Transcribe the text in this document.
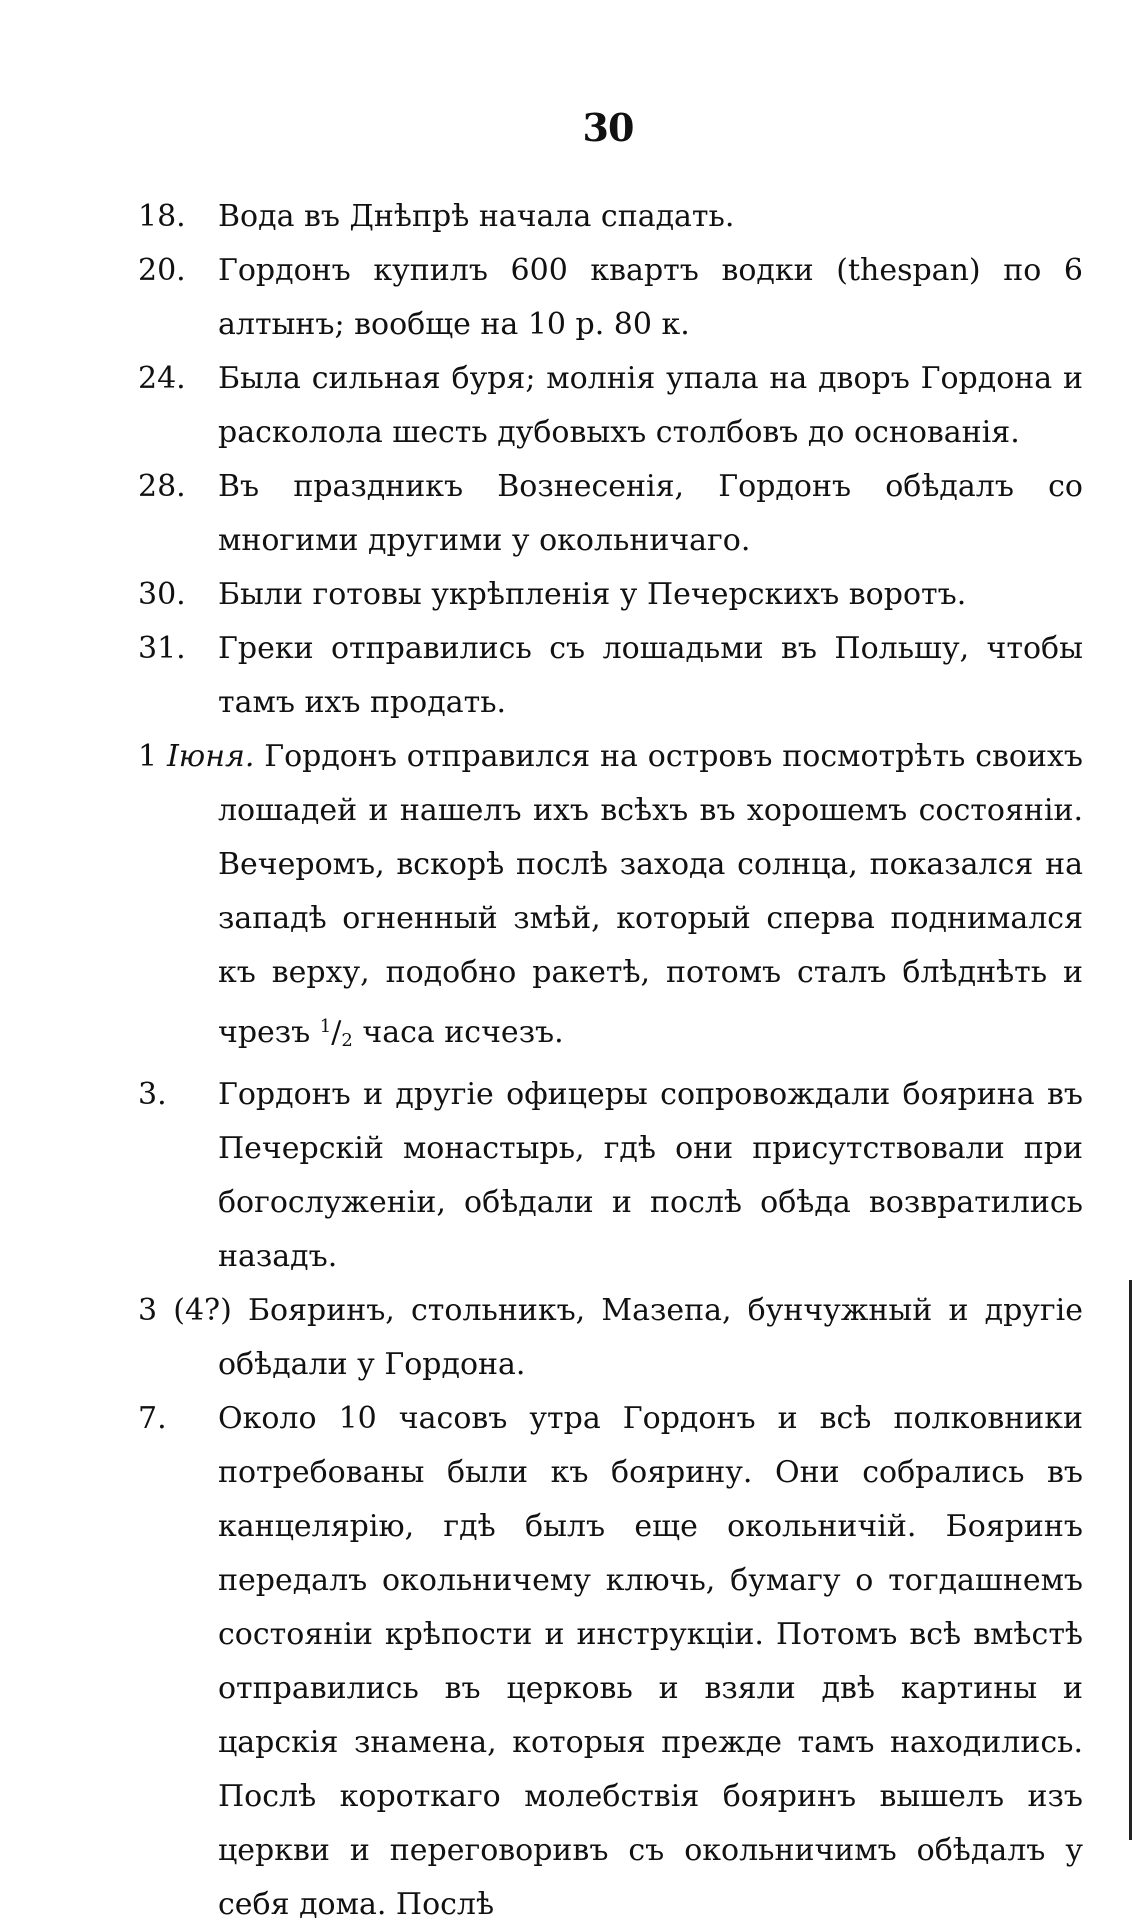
30

18. Вода въ Днѣпрѣ начала спадать.

20. Гордонъ купилъ 600 квартъ водки (thespan) по 6 алтынъ; вообще на 10 р. 80 к.

24. Была сильная буря; молнія упала на дворъ Гордона и расколола шесть дубовыхъ столбовъ до основанія.

28. Въ праздникъ Вознесенія, Гордонъ обѣдалъ со многими другими у окольничаго.

30. Были готовы укрѣпленія у Печерскихъ воротъ.

31. Греки отправились съ лошадьми въ Польшу, чтобы тамъ ихъ продать.

1 Іюня. Гордонъ отправился на островъ посмотрѣть своихъ лошадей и нашелъ ихъ всѣхъ въ хорошемъ состояніи. Вечеромъ, вскорѣ послѣ захода солнца, показался на западѣ огненный змѣй, который сперва поднимался къ верху, подобно ракетѣ, потомъ сталъ блѣднѣть и чрезъ $^1/_2$ часа исчезъ.

3. Гордонъ и другіе офицеры сопровождали боярина въ Печерскій монастырь, гдѣ они присутствовали при богослуженіи, обѣдали и послѣ обѣда возвратились назадъ.

3 (4?) Бояринъ, стольникъ, Мазепа, бунчужный и другіе обѣдали у Гордона.

7. Около 10 часовъ утра Гордонъ и всѣ полковники потребованы были къ боярину. Они собрались въ канцелярію, гдѣ былъ еще окольничій. Бояринъ передалъ окольничему ключь, бумагу о тогдашнемъ состояніи крѣпости и инструкціи. Потомъ всѣ вмѣстѣ отправились въ церковь и взяли двѣ картины и царскія знамена, которыя прежде тамъ находились. Послѣ короткаго молебствія бояринъ вышелъ изъ церкви и переговоривъ съ окольничимъ обѣдалъ у себя дома. Послѣ
